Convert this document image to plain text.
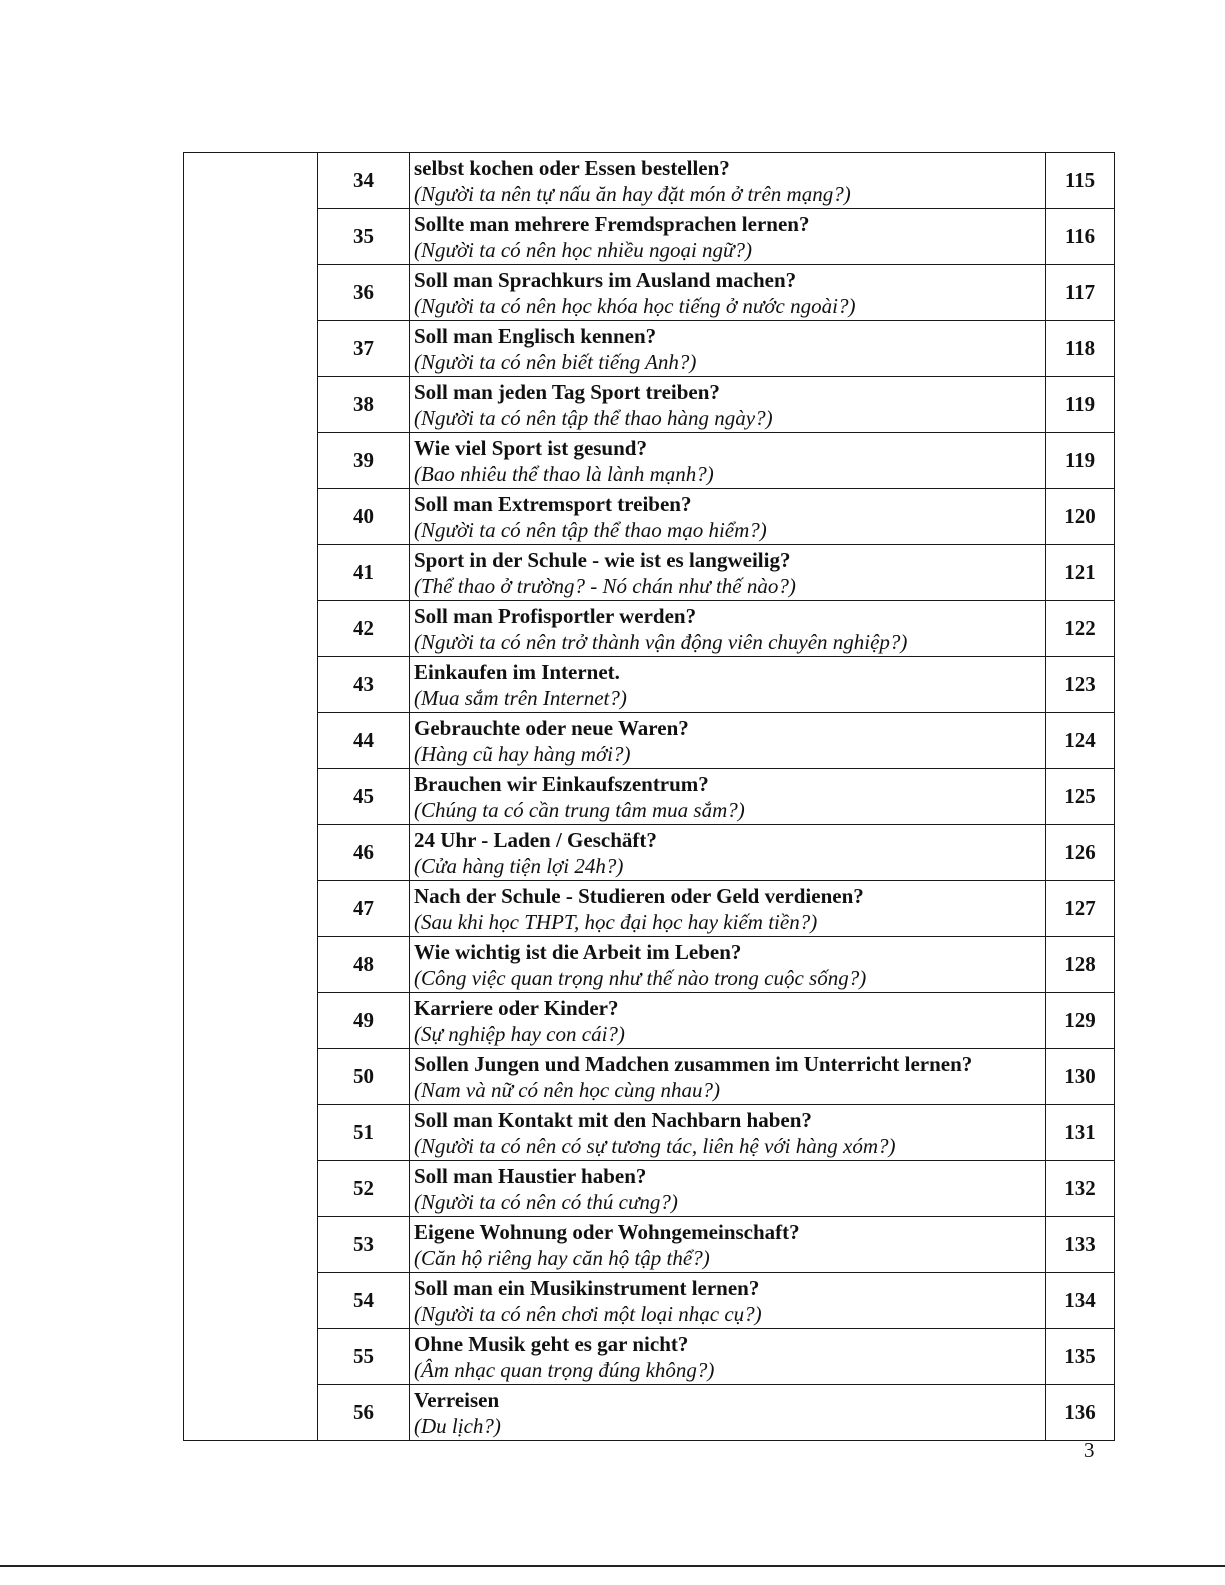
	34	selbst kochen oder Essen bestellen?
(Người ta nên tự nấu ăn hay đặt món ở trên mạng?)	115
	35	Sollte man mehrere Fremdsprachen lernen?
(Người ta có nên học nhiều ngoại ngữ?)	116
	36	Soll man Sprachkurs im Ausland machen?
(Người ta có nên học khóa học tiếng ở nước ngoài?)	117
	37	Soll man Englisch kennen?
(Người ta có nên biết tiếng Anh?)	118
	38	Soll man jeden Tag Sport treiben?
(Người ta có nên tập thể thao hàng ngày?)	119
	39	Wie viel Sport ist gesund?
(Bao nhiêu thể thao là lành mạnh?)	119
	40	Soll man Extremsport treiben?
(Người ta có nên tập thể thao mạo hiểm?)	120
	41	Sport in der Schule - wie ist es langweilig?
(Thể thao ở trường? - Nó chán như thế nào?)	121
	42	Soll man Profisportler werden?
(Người ta có nên trở thành vận động viên chuyên nghiệp?)	122
	43	Einkaufen im Internet.
(Mua sắm trên Internet?)	123
	44	Gebrauchte oder neue Waren?
(Hàng cũ hay hàng mới?)	124
	45	Brauchen wir Einkaufszentrum?
(Chúng ta có cần trung tâm mua sắm?)	125
	46	24 Uhr - Laden / Geschäft?
(Cửa hàng tiện lợi 24h?)	126
	47	Nach der Schule - Studieren oder Geld verdienen?
(Sau khi học THPT, học đại học hay kiếm tiền?)	127
	48	Wie wichtig ist die Arbeit im Leben?
(Công việc quan trọng như thế nào trong cuộc sống?)	128
	49	Karriere oder Kinder?
(Sự nghiệp hay con cái?)	129
	50	Sollen Jungen und Madchen zusammen im Unterricht lernen?
(Nam và nữ có nên học cùng nhau?)	130
	51	Soll man Kontakt mit den Nachbarn haben?
(Người ta có nên có sự tương tác, liên hệ với hàng xóm?)	131
	52	Soll man Haustier haben?
(Người ta có nên có thú cưng?)	132
	53	Eigene Wohnung oder Wohngemeinschaft?
(Căn hộ riêng hay căn hộ tập thể?)	133
	54	Soll man ein Musikinstrument lernen?
(Người ta có nên chơi một loại nhạc cụ?)	134
	55	Ohne Musik geht es gar nicht?
(Âm nhạc quan trọng đúng không?)	135
	56	Verreisen
(Du lịch?)	136
3
